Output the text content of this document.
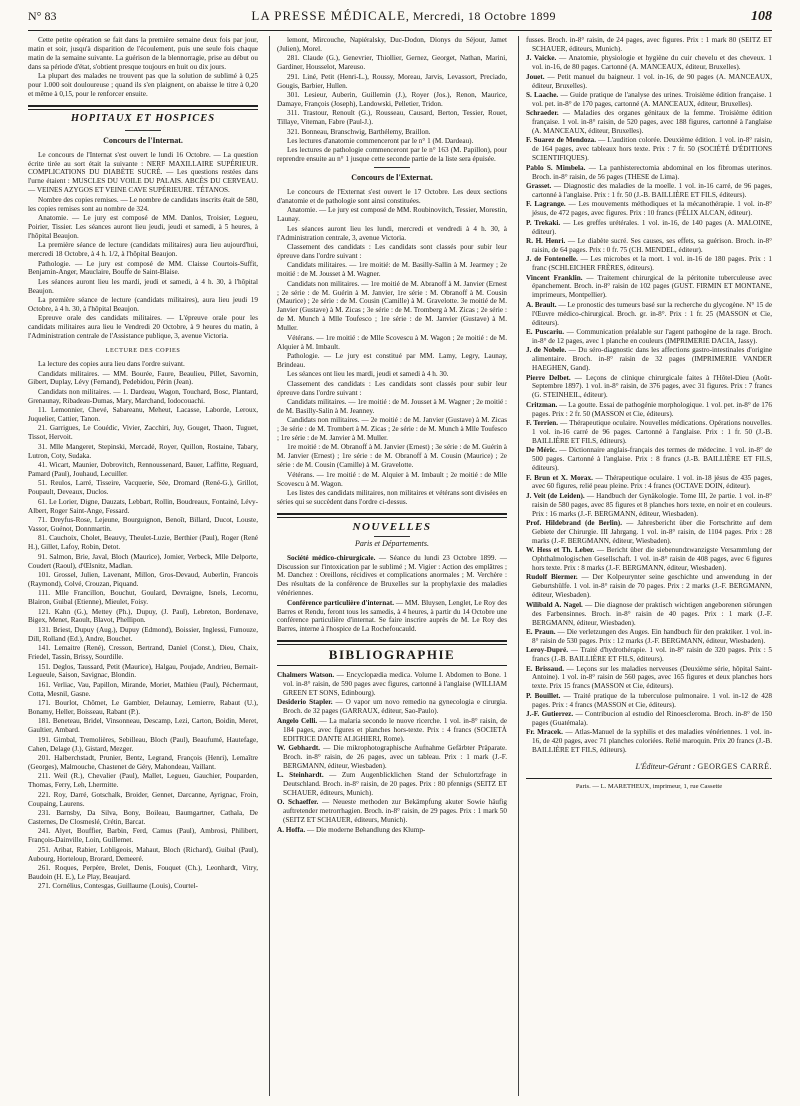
N° 83	LA PRESSE MÉDICALE, Mercredi, 18 Octobre 1899	108

Cette petite opération se fait dans la première semaine deux fois par jour, matin et soir, jusqu'à disparition de l'écoulement, puis une seule fois chaque matin de la semaine suivante. La guérison de la blennorragie, prise au début ou dans sa période d'état, s'obtient presque toujours en huit ou dix jours.

La plupart des malades ne trouvent pas que la solution de sublimé à 0,25 pour 1.000 soit douloureuse ; quand ils s'en plaignent, on abaisse le titre à 0,20 et même à 0,15, pour le renforcer ensuite.

HOPITAUX ET HOSPICES
Concours de l'Internat.

Le concours de l'Internat s'est ouvert le lundi 16 Octobre. — La question écrite tirée au sort était la suivante : NERF MAXILLAIRE SUPÉRIEUR. COMPLICATIONS DU DIABÈTE SUCRÉ. — Les questions restées dans l'urne étaient : MUSCLES DU VOILE DU PALAIS. ABCÈS DU CERVEAU. — VEINES AZYGOS ET VEINE CAVE SUPÉRIEURE. TÉTANOS.

Nombre des copies remises. — Le nombre de candidats inscrits était de 580, les copies remises sont au nombre de 324.

Anatomie. — Le jury est composé de MM. Danlos, Troisier, Legueu, Poirier, Tissier. Les séances auront lieu jeudi, jeudi et samedi, à 5 heures, à l'hôpital Beaujon.

La première séance de lecture (candidats militaires) aura lieu aujourd'hui, mercredi 18 Octobre, à 4 h. 1/2, à l'hôpital Beaujon.

Pathologie. — Le jury est composé de MM. Claisse Courtois-Suffit, Benjamin-Anger, Mauclaire, Bouffe de Saint-Blaise.

Les séances auront lieu les mardi, jeudi et samedi, à 4 h. 30, à l'hôpital Beaujon.

La première séance de lecture (candidats militaires), aura lieu jeudi 19 Octobre, à 4 h. 30, à l'hôpital Beaujon.

Epreuve orale des candidats militaires. — L'épreuve orale pour les candidats militaires aura lieu le Vendredi 20 Octobre, à 9 heures du matin, à l'Administration centrale de l'Assistance publique, 3, avenue Victoria.

LECTURE DES COPIES

La lecture des copies aura lieu dans l'ordre suivant.

Candidats militaires. — MM. Bourée, Faure, Beaulieu, Pillet, Savornin, Gibert, Duplay, Lévy (Fernand), Pedebidou, Périn (Jean).

Candidats non militaires. — 1. Dardeau, Wagon, Touchard, Bosc, Plantard, Grenaunay, Ribadeau-Dumas, Mary, Marchand, Iodocouachi.

11. Lemonnier, Chevé, Sabareanu, Meheut, Lacasse, Laborde, Leroux, Juquelier, Cattier, Tanon.

21. Garrigues, Le Couédic, Vivier, Zacchiri, Juy, Gouget, Thaon, Tuguet, Tissot, Hervoit.

31. Mlle Mangeret, Stepinski, Mercadé, Royer, Quillon, Rostaine, Tabary, Lutron, Coty, Sudaka.

41. Wicart, Maunier, Dobrovitch, Rennoussenard, Bauer, Laffitte, Reguard, Pamard (Paul), Jouhaud, Lecuiller.

51. Reulos, Larré, Tisseire, Vacquerie, Sée, Dromard (René-G.), Grillot, Poupault, Deveaux, Duclos.

61. Le Lorier, Digne, Dauzats, Lebbart, Rollin, Boudreaux, Fontainé, Lévy-Albert, Roger Saint-Ange, Fessard.

71. Dreyfus-Rose, Lejeune, Bourguignon, Benoît, Billard, Ducot, Louste, Vassor, Guénot, Donnmartin.

81. Cauchoix, Cholet, Beauvy, Theulet-Luzie, Berthier (Paul), Roger (René H.), Gillet, Lafoy, Robin, Detot.

91. Salmon, Brie, Javal, Bloch (Maurice), Jomier, Verbeck, Mlle Delporte, Coudert (Raoul), d'Œlsnitz, Madlan.

101. Grossel, Julien, Lavenant, Millon, Gros-Devaud, Auberlin, Francois (Raymond), Colvé, Crouzan, Piquand.

111. Mlle Francillon, Bouchut, Goulard, Devraigne, Isnels, Lecornu, Blairon, Guibal (Etienne), Mieulet, Foisy.

121. Kahn (G.), Mettey (Ph.), Dupuy, (J. Paul), Lebreton, Bordenave, Bigex, Menet, Raoult, Blavot, Phellipon.

131. Briest, Dupuy (Aug.), Dupuy (Edmond), Boissier, Inglessi, Fumouze, Dill, Rolland (Ed.), Andre, Bouchet.

141. Lemaitre (René), Cresson, Bertrand, Daniel (Const.), Dieu, Chaix, Friedel, Tassin, Brissy, Sourdille.

151. Deglos, Taussard, Petit (Maurice), Halgau, Poujade, Andrieu, Bernait-Legueule, Saison, Savignac, Blondin.

161. Verliac, Vau, Papillon, Mirande, Moriet, Mathieu (Paul), Péchermaut, Cotta, Mesnil, Gasne.

171. Bourlot, Chômet, Le Gambier, Delaunay, Lemierre, Rabaut (U.), Bonamy, Heller, Boisseau, Rabant (P.).

181. Beneteau, Bridel, Vinsonneau, Descamp, Lezi, Carton, Boidin, Meret, Gaultier, Ambard.

191. Gimbal, Tremolières, Sebilleau, Bloch (Paul), Beaufumé, Hautefage, Cahen, Delage (J.), Gistard, Mezger.

201. Halberchstadt, Prunier, Bentz, Legrand, François (Henri), Lemaître (Georges), Malmouche, Chastenet de Géry, Mahondeau, Vaillant.

211. Weil (R.), Chevalier (Paul), Mallet, Legueu, Gauchier, Pouparden, Thomas, Ferry, Leh, Lhermitte.

221. Roy, Darré, Gotschalk, Broider, Gennet, Darcanne, Ayrignac, Froin, Coupaing, Laurens.

231. Barnsby, Da Silva, Bony, Boileau, Baumgartner, Cathala, De Casternes, De Closmeslé, Crétin, Barcat.

241. Alyet, Bouffier, Barbin, Ferd, Camus (Paul), Ambrosi, Philibert, François-Dainville, Loin, Guillemet.

251. Aribat, Rabier, Lobligeois, Mahaut, Bloch (Richard), Guibal (Paul), Aubourg, Horteloup, Brorard, Demeeré.

261. Roques, Perpère, Brelet, Denis, Fouquet (Ch.), Leonhardt, Vitry, Baudoin (H. E.), Le Play, Beaujard.

271. Cornélius, Contesgas, Guillaume (Louis), Courtel-

lemont, Mircouche, Napiéralsky, Duc-Dodon, Dionys du Séjour, Jamet (Julien), Morel.

281. Claude (G.), Genevrier, Thiollier, Gernez, Georget, Nathan, Marini, Gardiner, Housselot, Mareuso.

291. Liné, Petit (Henri-L.), Roussy, Moreau, Jarvis, Levassort, Preciado, Gougis, Barbier, Hullen.

301. Lesieur, Auberin, Guillemin (J.), Royer (Jos.), Renon, Maurice, Damaye, François (Joseph), Landowski, Pelletier, Tridon.

311. Trastour, Renoult (G.), Rousseau, Causard, Berton, Tessier, Rouet, Tillaye, Viteman, Fabre (Paul-J.).

321. Bonneau, Branschwig, Barthélemy, Braillon.

Les lectures d'anatomie commenceront par le n° 1 (M. Dardeau).

Les lectures de pathologie commenceront par le n° 163 (M. Papillon), pour reprendre ensuite au n° 1 jusque cette seconde partie de la liste sera épuisée.

Concours de l'Externat.

Le concours de l'Externat s'est ouvert le 17 Octobre. Les deux sections d'anatomie et de pathologie sont ainsi constituées.

Anatomie. — Le jury est composé de MM. Roubinovitch, Tessier, Morestin, Launay.

Les séances auront lieu les lundi, mercredi et vendredi à 4 h. 30, à l'Administration centrale, 3, avenue Victoria.

Classement des candidats : Les candidats sont classés pour subir leur épreuve dans l'ordre suivant :

Candidats militaires. — 1re moitié: de M. Basilly-Sallin à M. Jearmey ; 2e moitié : de M. Jousset à M. Wagner.

Candidats non militaires. — 1re moitié de M. Abranoff à M. Janvier (Ernest ; 2e série : de M. Guérin à M. Janvier, 1re série : M. Obranoff à M. Cousin (Maurice) ; 2e série : de M. Cousin (Camille) à M. Gravelotte. 3e moitié de M. Janvier (Gustave) à M. Zicas ; 3e série : de M. Tromberg à M. Zicas ; 2e série : de M. Munch à Mlle Toufesco ; 1re série : de M. Janvier (Gustave) à M. Muller.

Vétérans. — 1re moitié : de Mlle Scovescu à M. Wagon ; 2e moitié : de M. Alquier à M. Imbault.

Pathologie. — Le jury est constitué par MM. Lamy, Legry, Launay, Brindeau.

Les séances ont lieu les mardi, jeudi et samedi à 4 h. 30.

Classement des candidats : Les candidats sont classés pour subir leur épreuve dans l'ordre suivant :

Candidats militaires. — 1re moitié : de M. Jousset à M. Wagner ; 2e moitié : de M. Basilly-Salin à M. Jeanney.

Candidats non militaires. — 2e moitié : de M. Janvier (Gustave) à M. Zicas ; 3e série : de M. Trombert à M. Zicas ; 2e série : de M. Munch à Mlle Toufesco ; 1re série : de M. Janvier à M. Muller.

1re moitié : de M. Obranoff à M. Janvier (Ernest) ; 3e série : de M. Guérin à M. Janvier (Ernest) ; 1re série : de M. Obranoff à M. Cousin (Maurice) ; 2e série : de M. Cousin (Camille) à M. Gravelotte.

Vétérans. — 1re moitié : de M. Alquier à M. Imbault ; 2e moitié : de Mlle Scovescu à M. Wagon.

Les listes des candidats militaires, non militaires et vétérans sont divisées en séries qui se succèdent dans l'ordre ci-dessus.

NOUVELLES
Paris et Départements.

Société médico-chirurgicale. — Séance du lundi 23 Octobre 1899. — Discussion sur l'intoxication par le sublimé ; M. Vigier : Action des emplâtres ; M. Danchez : Oreillons, récidives et complications anormales ; M. Verchère : Des résultats de la conférence de Bruxelles sur la prophylaxie des maladies vénériennes.

Conférence particulière d'internat. — MM. Bluysen, Lenglet, Le Roy des Barres et Rendu, feront tous les samedis, à 4 heures, à partir du 14 Octobre une conférence particulière d'internat. Se faire inscrire auprès de M. Le Roy des Barres, interne à l'hospice de La Rochefoucauld.

BIBLIOGRAPHIE

Chalmers Watson. — Encyclopædia medica. Volume I. Abdomen to Bone. 1 vol. in-8° raisin, de 590 pages avec figures, cartonné à l'anglaise (WILLIAM GREEN ET SONS, Edinbourg).

Desiderio Stapler. — O vapor um novo remedio na gynecologia e cirurgia. Broch. de 32 pages (GARRAUX, éditeur, Sao-Paulo).

Angelo Celli. — La malaria secondo le nuove ricerche. 1 vol. in-8° raisin, de 184 pages, avec figures et planches hors-texte. Prix : 4 francs (SOCIETÀ EDITRICE DANTE ALIGHIERI, Rome).

W. Gebhardt. — Die mikrophotographische Aufnahme Gefärbter Präparate. Broch. in-8° raisin, de 26 pages, avec un tableau. Prix : 1 mark (J.-F. BERGMANN, éditeur, Wiesbaden).

L. Steinhardt. — Zum Augenblicklichen Stand der Schulortzfrage in Deutschland. Broch. in-8° raisin, de 20 pages. Prix : 80 pfennigs (SEITZ ET SCHAUER, éditeurs, Munich).

O. Schaeffer. — Neueste methoden zur Bekämpfung akuter Sowie häufig auftretender metrorrhagien. Broch. in-8° raisin, de 29 pages. Prix : 1 mark 50 (SEITZ ET SCHAUER, éditeurs, Munich).

A. Hoffa. — Die moderne Behandlung des Klump-

fusses. Broch. in-8° raisin, de 24 pages, avec figures. Prix : 1 mark 80 (SEITZ ET SCHAUER, éditeurs, Munich).

J. Vaicke. — Anatomie, physiologie et hygiène du cuir chevelu et des cheveux. 1 vol. in-16, de 80 pages. Cartonné (A. MANCEAUX, éditeur, Bruxelles).

Jouet. — Petit manuel du baigneur. 1 vol. in-16, de 90 pages (A. MANCEAUX, éditeur, Bruxelles).

S. Laache. — Guide pratique de l'analyse des urines. Troisième édition française. 1 vol. pet. in-8° de 170 pages, cartonné (A. MANCEAUX, éditeur, Bruxelles).

Schraeder. — Maladies des organes génitaux de la femme. Troisième édition française. 1 vol. in-8° raisin, de 520 pages, avec 188 figures, cartonné à l'anglaise (A. MANCEAUX, éditeur, Bruxelles).

F. Suarez de Mendoza. — L'audition colorée. Deuxième édition. 1 vol. in-8° raisin, de 164 pages, avec tableaux hors texte. Prix : 7 fr. 50 (SOCIÉTÉ D'ÉDITIONS SCIENTIFIQUES).

Pablo S. Mimbela. — La panhisterectomia abdominal en los fibromas uterinos. Broch. in-8° raisin, de 56 pages (THESE de Lima).

Grasset. — Diagnostic des maladies de la moelle. 1 vol. in-16 carré, de 96 pages, cartonné à l'anglaise. Prix : 1 fr. 50 (J.-B. BAILLIÈRE ET FILS, éditeurs).

F. Lagrange. — Les mouvements méthodiques et la mécanothérapie. 1 vol. in-8° jésus, de 472 pages, avec figures. Prix : 10 francs (FÉLIX ALCAN, éditeur).

P. Trekaki. — Les greffes urétérales. 1 vol. in-16, de 140 pages (A. MALOINE, éditeur).

R. H. Henri. — Le diabète sucré. Ses causes, ses effets, sa guérison. Broch. in-8° raisin, de 64 pages. Prix : 0 fr. 75 (CH. MENDEL, éditeur).

J. de Fontenelle. — Les microbes et la mort. 1 vol. in-16 de 180 pages. Prix : 1 franc (SCHLEICHER FRÈRES, éditeurs).

Vincent Franklin. — Traitement chirurgical de la péritonite tuberculeuse avec épanchement. Broch. in-8° raisin de 102 pages (GUST. FIRMIN ET MONTANE, imprimeurs, Montpellier).

A. Brault. — Le pronostic des tumeurs basé sur la recherche du glycogène. N° 15 de l'Œuvre médico-chirurgical. Broch. gr. in-8°. Prix : 1 fr. 25 (MASSON et Cie, éditeurs).

E. Puscariu. — Communication préalable sur l'agent pathogène de la rage. Broch. in-8° de 12 pages, avec 1 planche en couleurs (IMPRIMERIE DACIA, Jassy).

J. de Nobele. — Du séro-diagnostic dans les affections gastro-intestinales d'origine alimentaire. Broch. in-8° raisin de 32 pages (IMPRIMERIE VANDER HAEGHEN, Gand).

Pierre Delbet. — Leçons de clinique chirurgicale faites à l'Hôtel-Dieu (Août-Septembre 1897). 1 vol. in-8° raisin, de 376 pages, avec 31 figures. Prix : 7 francs (G. STEINHEIL, éditeur).

Critzman. — La goutte. Essai de pathogénie morphologique. 1 vol. pet. in-8° de 176 pages. Prix : 2 fr. 50 (MASSON et Cie, éditeurs).

F. Terrien. — Thérapeutique oculaire. Nouvelles médications. Opérations nouvelles. 1 vol. in-16 carré de 96 pages. Cartonné à l'anglaise. Prix : 1 fr. 50 (J.-B. BAILLIÈRE ET FILS, éditeurs).

De Méric. — Dictionnaire anglais-français des termes de médecine. 1 vol. in-8° de 500 pages. Cartonné à l'anglaise. Prix : 8 francs (J.-B. BAILLIÈRE ET FILS, éditeurs).

F. Brun et X. Morax. — Thérapeutique oculaire. 1 vol. in-18 jésus de 435 pages, avec 60 figures, relié peau pleine. Prix : 4 francs (OCTAVE DOIN, éditeur).

J. Veit (de Leiden). — Handbuch der Gynäkologie. Tome III, 2e partie. 1 vol. in-8° raisin de 580 pages, avec 85 figures et 8 planches hors texte, en noir et en couleurs. Prix : 16 marks (J.-F. BERGMANN, éditeur, Wiesbaden).

Prof. Hildebrand (de Berlin). — Jahresbericht über die Fortschritte auf dem Gebiete der Chirurgie. III Jahrgang. 1 vol. in-8° raisin, de 1104 pages. Prix : 28 marks (J.-F. BERGMANN, éditeur, Wiesbaden).

W. Hess et Th. Leber. — Bericht über die siebenundzwanzigste Versammlung der Ophthalmologischen Gesellschaft. 1 vol. in-8° raisin de 408 pages, avec 6 figures hors texte. Prix : 8 marks (J.-F. BERGMANN, éditeur, Wiesbaden).

Rudolf Biermer. — Der Kolpeurynter seine geschichte und anwendung in der Geburtshülfe. 1 vol. in-8° raisin de 70 pages. Prix : 2 marks (J.-F. BERGMANN, éditeur, Wiesbaden).

Wilibald A. Nagel. — Die diagnose der praktisch wichtigen angeborenen störungen des Farbensinnes. Broch. in-8° raisin de 40 pages. Prix : 1 mark (J.-F. BERGMANN, éditeur, Wiesbaden).

E. Praun. — Die verletzungen des Auges. Ein handbuch für den praktiker. 1 vol. in-8° raisin de 530 pages. Prix : 12 marks (J.-F. BERGMANN, éditeur, Wiesbaden).

Leroy-Dupré. — Traité d'hydrothérapie. 1 vol. in-8° raisin de 320 pages. Prix : 5 francs (J.-B. BAILLIÈRE ET FILS, éditeurs).

E. Brissaud. — Leçons sur les maladies nerveuses (Deuxième série, hôpital Saint-Antoine). 1 vol. in-8° raisin de 560 pages, avec 165 figures et deux planches hors texte. Prix 15 francs (MASSON et Cie, éditeurs).

P. Bouillet. — Traité pratique de la tuberculose pulmonaire. 1 vol. in-12 de 428 pages. Prix : 4 francs (MASSON et Cie, éditeurs).

J.-F. Gutierrez. — Contribucion al estudio del Rinoescleroma. Broch. in-8° de 150 pages (Guatémala).

Fr. Mracek. — Atlas-Manuel de la syphilis et des maladies vénériennes. 1 vol. in-16, de 420 pages, avec 71 planches coloriées. Relié maroquin. Prix 20 francs (J.-B. BAILLIÈRE ET FILS, éditeurs).

L'Éditeur-Gérant : GEORGES CARRÉ.
Paris. — L. MARETHEUX, imprimeur, 1, rue Cassette
